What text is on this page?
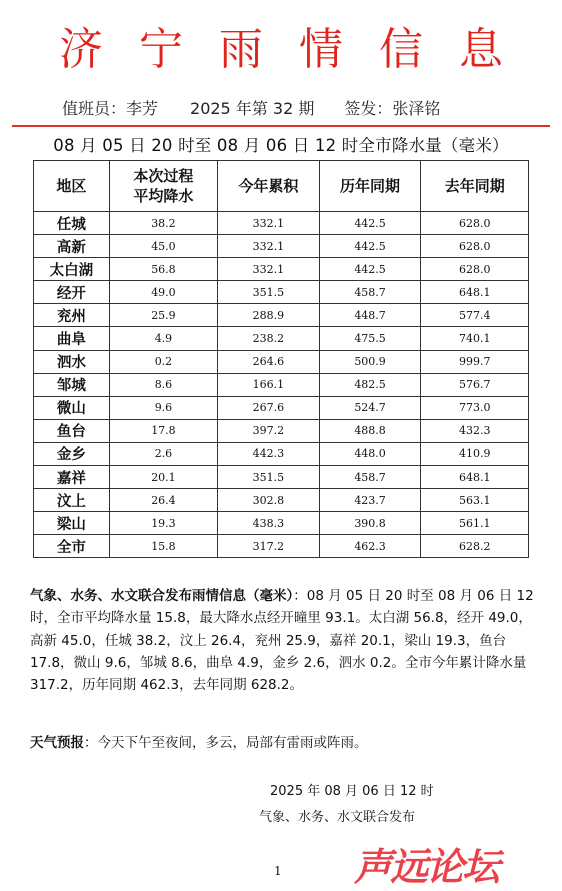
济宁雨情信息
值班员：李芳 2025 年第 32 期 签发：张泽铭
08 月 05 日 20 时至 08 月 06 日 12 时全市降水量（毫米）
地区	本次过程平均降水	今年累积	历年同期	去年同期
任城	38.2	332.1	442.5	628.0
高新	45.0	332.1	442.5	628.0
太白湖	56.8	332.1	442.5	628.0
经开	49.0	351.5	458.7	648.1
兖州	25.9	288.9	448.7	577.4
曲阜	4.9	238.2	475.5	740.1
泗水	0.2	264.6	500.9	999.7
邹城	8.6	166.1	482.5	576.7
微山	9.6	267.6	524.7	773.0
鱼台	17.8	397.2	488.8	432.3
金乡	2.6	442.3	448.0	410.9
嘉祥	20.1	351.5	458.7	648.1
汶上	26.4	302.8	423.7	563.1
梁山	19.3	438.3	390.8	561.1
全市	15.8	317.2	462.3	628.2
气象、水务、水文联合发布雨情信息（毫米）：08 月 05 日 20 时至 08 月 06 日 12 时，全市平均降水量 15.8，最大降水点经开曈里 93.1。太白湖 56.8，经开 49.0，高新 45.0，任城 38.2，汶上 26.4，兖州 25.9，嘉祥 20.1，梁山 19.3，鱼台 17.8，微山 9.6，邹城 8.6，曲阜 4.9，金乡 2.6，泗水 0.2。全市今年累计降水量 317.2，历年同期 462.3，去年同期 628.2。
天气预报：今天下午至夜间，多云，局部有雷雨或阵雨。
2025 年 08 月 06 日 12 时
气象、水务、水文联合发布
1 声远论坛
